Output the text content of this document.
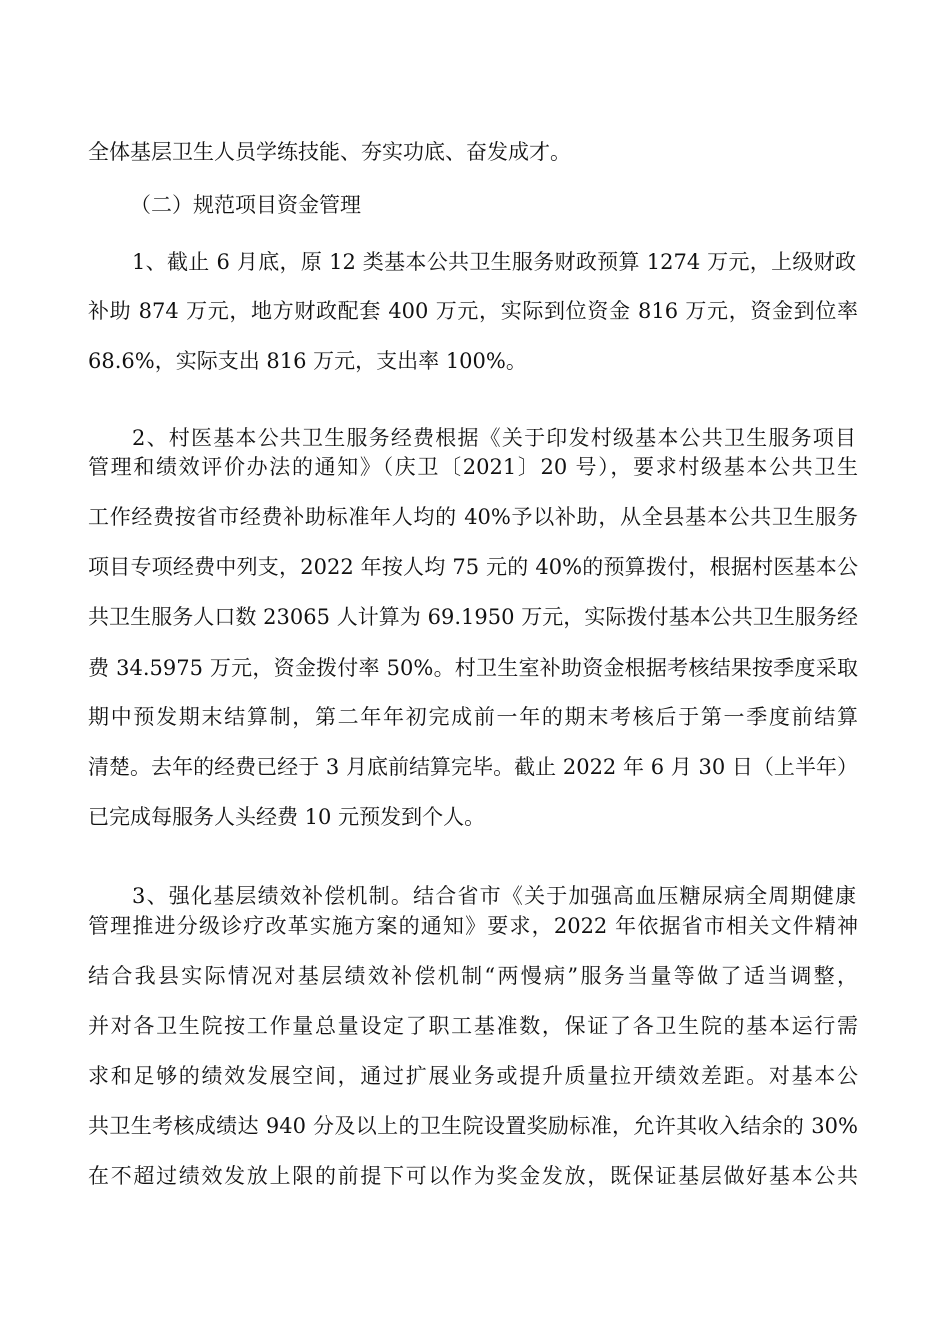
全体基层卫生人员学练技能、夯实功底、奋发成才。
（二）规范项目资金管理
1、截止 6 月底，原 12 类基本公共卫生服务财政预算 1274 万元，上级财政
补助 874 万元，地方财政配套 400 万元，实际到位资金 816 万元，资金到位率
68.6%，实际支出 816 万元，支出率 100%。
2、村医基本公共卫生服务经费根据《关于印发村级基本公共卫生服务项目
管理和绩效评价办法的通知》（庆卫〔2021〕20 号），要求村级基本公共卫生
工作经费按省市经费补助标准年人均的 40%予以补助，从全县基本公共卫生服务
项目专项经费中列支，2022 年按人均 75 元的 40%的预算拨付，根据村医基本公
共卫生服务人口数 23065 人计算为 69.1950 万元，实际拨付基本公共卫生服务经
费 34.5975 万元，资金拨付率 50%。村卫生室补助资金根据考核结果按季度采取
期中预发期末结算制，第二年年初完成前一年的期末考核后于第一季度前结算
清楚。去年的经费已经于 3 月底前结算完毕。截止 2022 年 6 月 30 日（上半年）
已完成每服务人头经费 10 元预发到个人。
3、强化基层绩效补偿机制。结合省市《关于加强高血压糖尿病全周期健康
管理推进分级诊疗改革实施方案的通知》要求，2022 年依据省市相关文件精神
结合我县实际情况对基层绩效补偿机制“两慢病”服务当量等做了适当调整，
并对各卫生院按工作量总量设定了职工基准数，保证了各卫生院的基本运行需
求和足够的绩效发展空间，通过扩展业务或提升质量拉开绩效差距。对基本公
共卫生考核成绩达 940 分及以上的卫生院设置奖励标准，允许其收入结余的 30%
在不超过绩效发放上限的前提下可以作为奖金发放，既保证基层做好基本公共
